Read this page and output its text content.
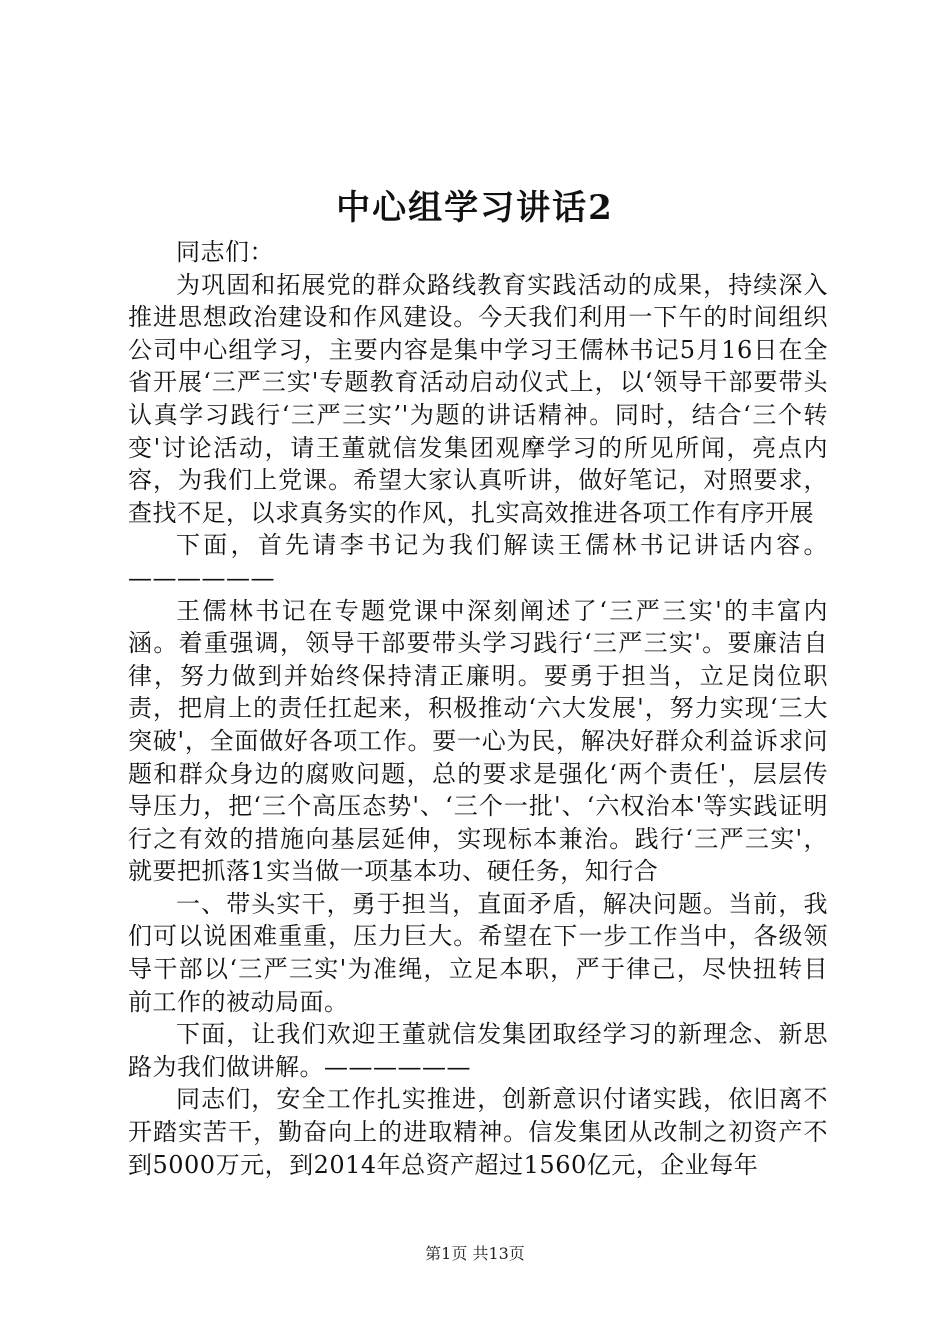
中心组学习讲话2

同志们：

为巩固和拓展党的群众路线教育实践活动的成果，持续深入推进思想政治建设和作风建设。今天我们利用一下午的时间组织公司中心组学习，主要内容是集中学习王儒林书记5月16日在全省开展‘三严三实'专题教育活动启动仪式上，以‘领导干部要带头认真学习践行‘三严三实’'为题的讲话精神。同时，结合‘三个转变'讨论活动，请王董就信发集团观摩学习的所见所闻，亮点内容，为我们上党课。希望大家认真听讲，做好笔记，对照要求，查找不足，以求真务实的作风，扎实高效推进各项工作有序开展

下面，首先请李书记为我们解读王儒林书记讲话内容。——————

王儒林书记在专题党课中深刻阐述了‘三严三实'的丰富内涵。着重强调，领导干部要带头学习践行‘三严三实'。要廉洁自律，努力做到并始终保持清正廉明。要勇于担当，立足岗位职责，把肩上的责任扛起来，积极推动‘六大发展'，努力实现‘三大突破'，全面做好各项工作。要一心为民，解决好群众利益诉求问题和群众身边的腐败问题，总的要求是强化‘两个责任'，层层传导压力，把‘三个高压态势'、‘三个一批'、‘六权治本'等实践证明行之有效的措施向基层延伸，实现标本兼治。践行‘三严三实'，就要把抓落1实当做一项基本功、硬任务，知行合

一、带头实干，勇于担当，直面矛盾，解决问题。当前，我们可以说困难重重，压力巨大。希望在下一步工作当中，各级领导干部以‘三严三实'为准绳，立足本职，严于律己，尽快扭转目前工作的被动局面。

下面，让我们欢迎王董就信发集团取经学习的新理念、新思路为我们做讲解。——————

同志们，安全工作扎实推进，创新意识付诸实践，依旧离不开踏实苦干，勤奋向上的进取精神。信发集团从改制之初资产不到5000万元，到2014年总资产超过1560亿元，企业每年

第1页 共13页
